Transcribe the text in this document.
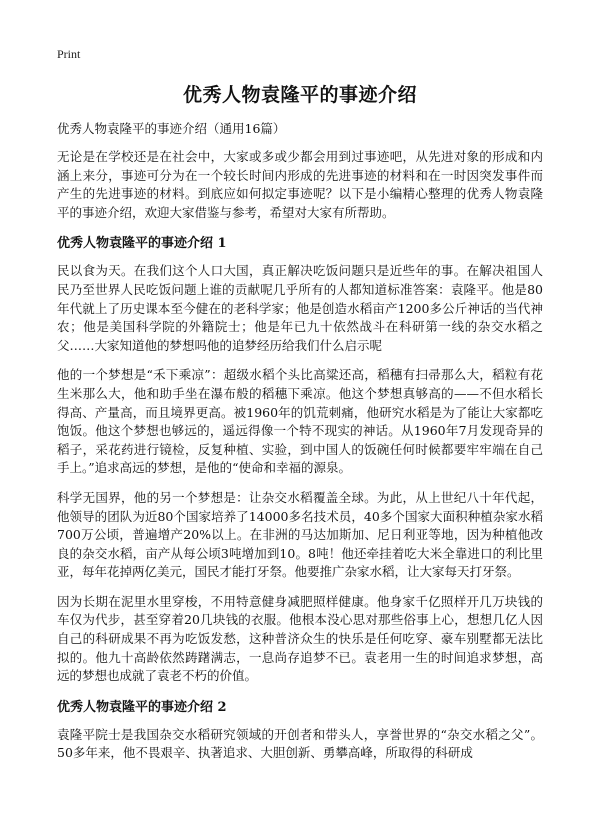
Print
优秀人物袁隆平的事迹介绍
优秀人物袁隆平的事迹介绍（通用16篇）

无论是在学校还是在社会中，大家或多或少都会用到过事迹吧，从先进对象的形成和内涵上来分，事迹可分为在一个较长时间内形成的先进事迹的材料和在一时因突发事件而产生的先进事迹的材料。到底应如何拟定事迹呢？以下是小编精心整理的优秀人物袁隆平的事迹介绍，欢迎大家借鉴与参考，希望对大家有所帮助。

优秀人物袁隆平的事迹介绍 1

民以食为天。在我们这个人口大国，真正解决吃饭问题只是近些年的事。在解决祖国人民乃至世界人民吃饭问题上谁的贡献呢几乎所有的人都知道标准答案：袁隆平。他是80年代就上了历史课本至今健在的老科学家；他是创造水稻亩产1200多公斤神话的当代神农；他是美国科学院的外籍院士；他是年已九十依然战斗在科研第一线的杂交水稻之父……大家知道他的梦想吗他的追梦经历给我们什么启示呢

他的一个梦想是“禾下乘凉”：超级水稻个头比高粱还高，稻穗有扫帚那么大，稻粒有花生米那么大，他和助手坐在瀑布般的稻穗下乘凉。他这个梦想真够高的——不但水稻长得高、产量高，而且境界更高。被1960年的饥荒刺痛，他研究水稻是为了能让大家都吃饱饭。他这个梦想也够远的，遥远得像一个特不现实的神话。从1960年7月发现奇异的稻子，采花药进行镜检，反复种植、实验，到中国人的饭碗任何时候都要牢牢端在自己手上。”追求高远的梦想，是他的“使命和幸福的源泉。

科学无国界，他的另一个梦想是：让杂交水稻覆盖全球。为此，从上世纪八十年代起，他领导的团队为近80个国家培养了14000多名技术员，40多个国家大面积种植杂家水稻700万公顷，普遍增产20%以上。在非洲的马达加斯加、尼日利亚等地，因为种植他改良的杂交水稻，亩产从每公顷3吨增加到10。8吨！他还牵挂着吃大米全靠进口的利比里亚，每年花掉两亿美元，国民才能打牙祭。他要推广杂家水稻，让大家每天打牙祭。

因为长期在泥里水里穿梭，不用特意健身减肥照样健康。他身家千亿照样开几万块钱的车仅为代步，甚至穿着20几块钱的衣服。他根本没心思对那些俗事上心，想想几亿人因自己的科研成果不再为吃饭发愁，这种普济众生的快乐是任何吃穿、豪车别墅都无法比拟的。他九十高龄依然踌躇满志，一息尚存追梦不已。袁老用一生的时间追求梦想，高远的梦想也成就了袁老不朽的价值。

优秀人物袁隆平的事迹介绍 2

袁隆平院士是我国杂交水稻研究领域的开创者和带头人，享誉世界的“杂交水稻之父”。50多年来，他不畏艰辛、执著追求、大胆创新、勇攀高峰，所取得的科研成
